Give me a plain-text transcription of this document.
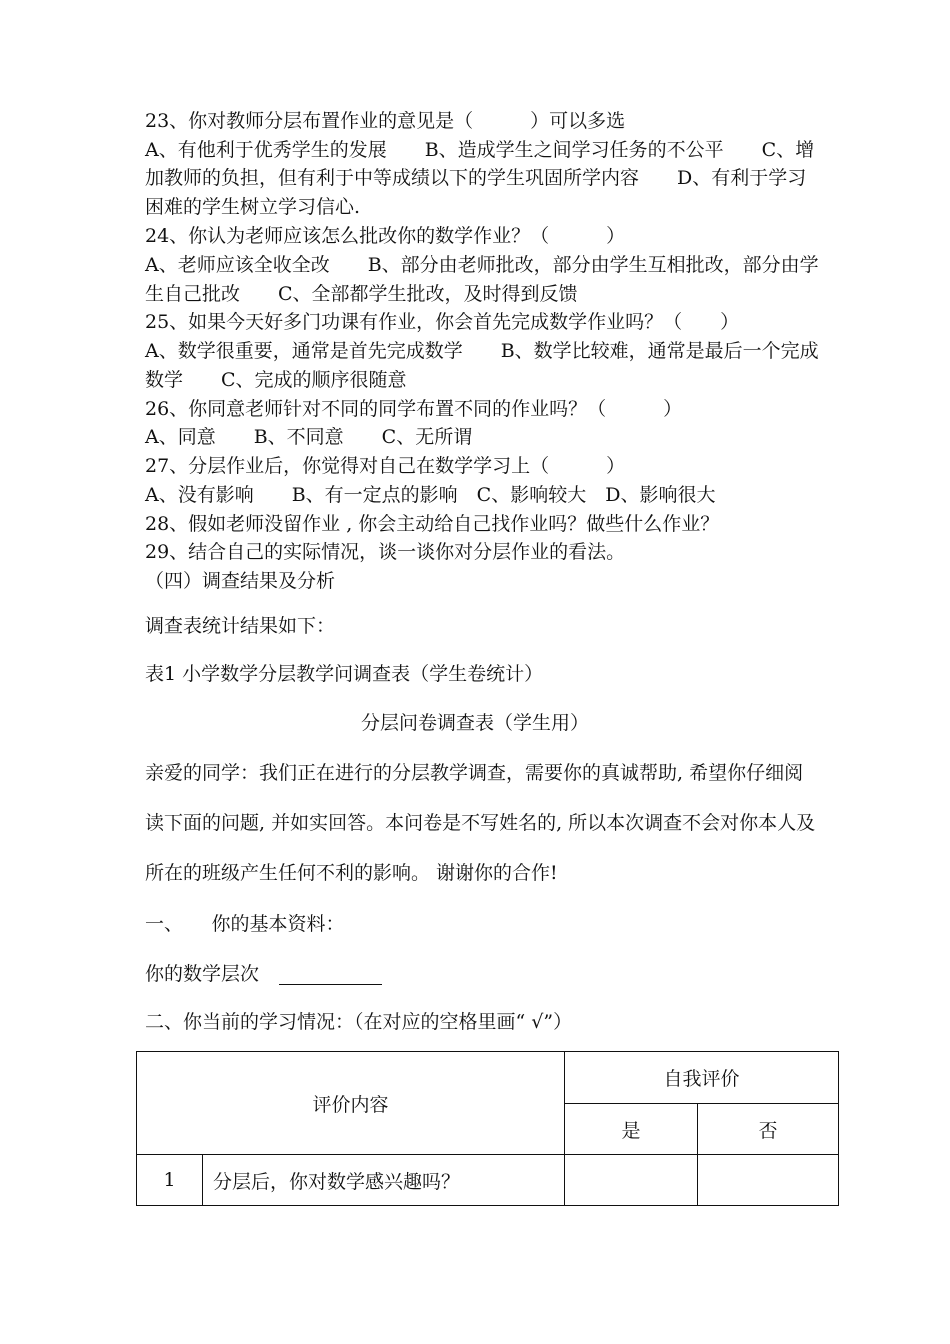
23、你对教师分层布置作业的意见是（　　　）可以多选
A、有他利于优秀学生的发展　　B、造成学生之间学习任务的不公平　　C、增
加教师的负担，但有利于中等成绩以下的学生巩固所学内容　　D、有利于学习
困难的学生树立学习信心.
24、你认为老师应该怎么批改你的数学作业？（　　　）
A、老师应该全收全改　　B、部分由老师批改，部分由学生互相批改，部分由学
生自己批改　　C、全部都学生批改，及时得到反馈
25、如果今天好多门功课有作业，你会首先完成数学作业吗？（　　）
A、数学很重要，通常是首先完成数学　　B、数学比较难，通常是最后一个完成
数学　　C、完成的顺序很随意
26、你同意老师针对不同的同学布置不同的作业吗？（　　　）
A、同意　　B、不同意　　C、无所谓
27、分层作业后，你觉得对自己在数学学习上（　　　）
A、没有影响　　B、有一定点的影响　C、影响较大　D、影响很大
28、假如老师没留作业 , 你会主动给自己找作业吗？做些什么作业？
29、结合自己的实际情况，谈一谈你对分层作业的看法。
（四）调查结果及分析
调查表统计结果如下：
表1 小学数学分层教学问调查表（学生卷统计）
分层问卷调查表（学生用）
亲爱的同学：我们正在进行的分层教学调查，需要你的真诚帮助, 希望你仔细阅
读下面的问题, 并如实回答。本问卷是不写姓名的, 所以本次调查不会对你本人及
所在的班级产生任何不利的影响。 谢谢你的合作!
一、　　你的基本资料：
你的数学层次
二、你当前的学习情况：（在对应的空格里画“ √”）
评价内容		自我评价	
		是	否
1	分层后，你对数学感兴趣吗？		
